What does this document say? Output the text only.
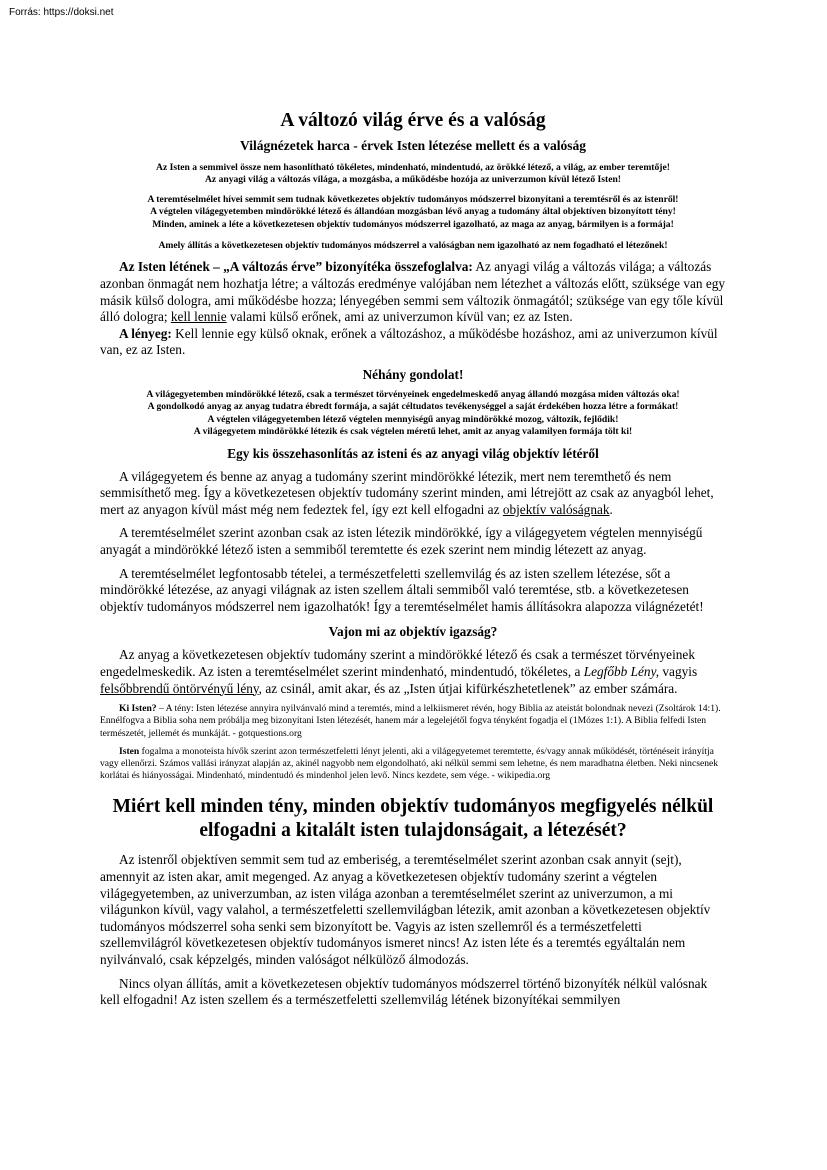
Forrás: https://doksi.net
A változó világ érve és a valóság
Világnézetek harca - érvek Isten létezése mellett és a valóság

Az Isten a semmivel össze nem hasonlítható tökéletes, mindenható, mindentudó, az örökké létező, a világ, az ember teremtője!

Az anyagi világ a változás világa, a mozgásba, a működésbe hozója az univerzumon kívül létező Isten!

A teremtéselmélet hívei semmit sem tudnak következetes objektív tudományos módszerrel bizonyítani a teremtésről és az istenről!

A végtelen világegyetemben mindörökké létező és állandóan mozgásban lévő anyag a tudomány által objektíven bizonyított tény!

Minden, aminek a léte a következetesen objektív tudományos módszerrel igazolható, az maga az anyag, bármilyen is a formája!

Amely állítás a következetesen objektív tudományos módszerrel a valóságban nem igazolható az nem fogadható el létezőnek!

Az Isten létének – „A változás érve” bizonyítéka összefoglalva: Az anyagi világ a változás világa; a változás azonban önmagát nem hozhatja létre; a változás eredménye valójában nem létezhet a változás előtt, szüksége van egy másik külső dologra, ami működésbe hozza; lényegében semmi sem változik önmagától; szüksége van egy tőle kívül álló dologra; kell lennie valami külső erőnek, ami az univerzumon kívül van; ez az Isten.

A lényeg: Kell lennie egy külső oknak, erőnek a változáshoz, a működésbe hozáshoz, ami az univerzumon kívül van, ez az Isten.

Néhány gondolat!

A világegyetemben mindörökké létező, csak a természet törvényeinek engedelmeskedő anyag állandó mozgása miden változás oka!

A gondolkodó anyag az anyag tudatra ébredt formája, a saját céltudatos tevékenységgel a saját érdekében hozza létre a formákat!

A végtelen világegyetemben létező végtelen mennyiségű anyag mindörökké mozog, változik, fejlődik!

A világegyetem mindörökké létezik és csak végtelen méretű lehet, amit az anyag valamilyen formája tölt ki!

Egy kis összehasonlítás az isteni és az anyagi világ objektív létéről

A világegyetem és benne az anyag a tudomány szerint mindörökké létezik, mert nem teremthető és nem semmisíthető meg. Így a következetesen objektív tudomány szerint minden, ami létrejött az csak az anyagból lehet, mert az anyagon kívül mást még nem fedeztek fel, így ezt kell elfogadni az objektív valóságnak.

A teremtéselmélet szerint azonban csak az isten létezik mindörökké, így a világegyetem végtelen mennyiségű anyagát a mindörökké létező isten a semmiből teremtette és ezek szerint nem mindig létezett az anyag.

A teremtéselmélet legfontosabb tételei, a természetfeletti szellemvilág és az isten szellem létezése, sőt a mindörökké létezése, az anyagi világnak az isten szellem általi semmiből való teremtése, stb. a következetesen objektív tudományos módszerrel nem igazolhatók! Így a teremtéselmélet hamis állításokra alapozza világnézetét!

Vajon mi az objektív igazság?

Az anyag a következetesen objektív tudomány szerint a mindörökké létező és csak a természet törvényeinek engedelmeskedik. Az isten a teremtéselmélet szerint mindenható, mindentudó, tökéletes, a Legfőbb Lény, vagyis felsőbbrendű öntörvényű lény, az csinál, amit akar, és az „Isten útjai kifürkészhetetlenek” az ember számára.

Ki Isten? – A tény: Isten létezése annyira nyilvánvaló mind a teremtés, mind a lelkiismeret révén, hogy Biblia az ateistát bolondnak nevezi (Zsoltárok 14:1). Ennélfogva a Biblia soha nem próbálja meg bizonyítani Isten létezését, hanem már a legelejétől fogva tényként fogadja el (1Mózes 1:1). A Biblia felfedi Isten természetét, jellemét és munkáját. - gotquestions.org

Isten fogalma a monoteista hívők szerint azon természetfeletti lényt jelenti, aki a világegyetemet teremtette, és/vagy annak működését, történéseit irányítja vagy ellenőrzi. Számos vallási irányzat alapján az, akinél nagyobb nem elgondolható, aki nélkül semmi sem lehetne, és nem maradhatna életben. Neki nincsenek korlátai és hiányosságai. Mindenható, mindentudó és mindenhol jelen levő. Nincs kezdete, sem vége. - wikipedia.org

Miért kell minden tény, minden objektív tudományos megfigyelés nélkül elfogadni a kitalált isten tulajdonságait, a létezését?

Az istenről objektíven semmit sem tud az emberiség, a teremtéselmélet szerint azonban csak annyit (sejt), amennyit az isten akar, amit megenged. Az anyag a következetesen objektív tudomány szerint a végtelen világegyetemben, az univerzumban, az isten világa azonban a teremtéselmélet szerint az univerzumon, a mi világunkon kívül, vagy valahol, a természetfeletti szellemvilágban létezik, amit azonban a következetesen objektív tudományos módszerrel soha senki sem bizonyított be. Vagyis az isten szellemről és a természetfeletti szellemvilágról következetesen objektív tudományos ismeret nincs! Az isten léte és a teremtés egyáltalán nem nyilvánvaló, csak képzelgés, minden valóságot nélkülöző álmodozás.

Nincs olyan állítás, amit a következetesen objektív tudományos módszerrel történő bizonyíték nélkül valósnak kell elfogadni! Az isten szellem és a természetfeletti szellemvilág létének bizonyítékai semmilyen
